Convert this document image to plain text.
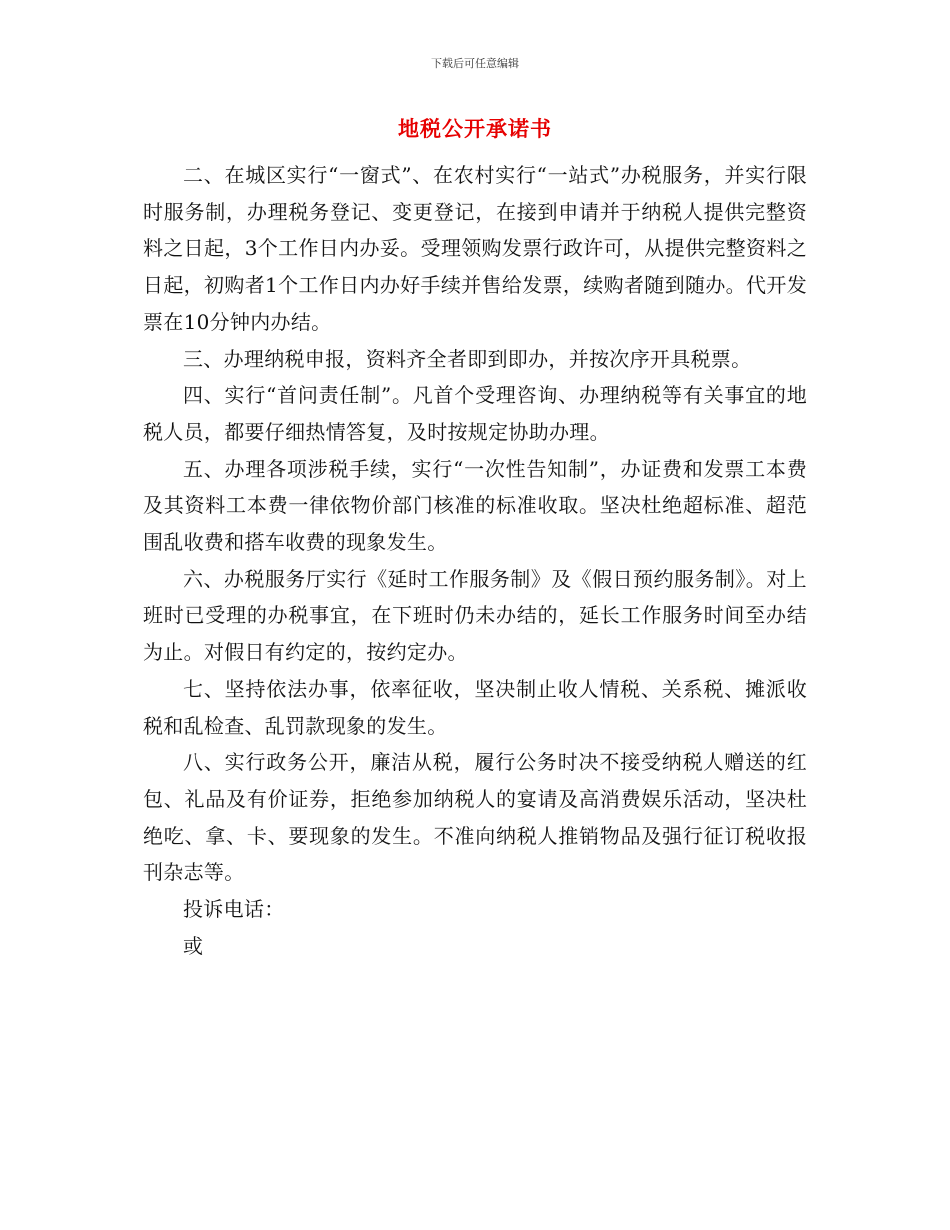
下载后可任意编辑
地税公开承诺书

二、在城区实行“一窗式”、在农村实行“一站式”办税服务，并实行限时服务制，办理税务登记、变更登记，在接到申请并于纳税人提供完整资料之日起，3个工作日内办妥。受理领购发票行政许可，从提供完整资料之日起，初购者1个工作日内办好手续并售给发票，续购者随到随办。代开发票在10分钟内办结。

三、办理纳税申报，资料齐全者即到即办，并按次序开具税票。

四、实行“首问责任制”。凡首个受理咨询、办理纳税等有关事宜的地税人员，都要仔细热情答复，及时按规定协助办理。

五、办理各项涉税手续，实行“一次性告知制”，办证费和发票工本费及其资料工本费一律依物价部门核准的标准收取。坚决杜绝超标准、超范围乱收费和搭车收费的现象发生。

六、办税服务厅实行《延时工作服务制》及《假日预约服务制》。对上班时已受理的办税事宜，在下班时仍未办结的，延长工作服务时间至办结为止。对假日有约定的，按约定办。

七、坚持依法办事，依率征收，坚决制止收人情税、关系税、摊派收税和乱检查、乱罚款现象的发生。

八、实行政务公开，廉洁从税，履行公务时决不接受纳税人赠送的红包、礼品及有价证券，拒绝参加纳税人的宴请及高消费娱乐活动，坚决杜绝吃、拿、卡、要现象的发生。不准向纳税人推销物品及强行征订税收报刊杂志等。

投诉电话：

或
